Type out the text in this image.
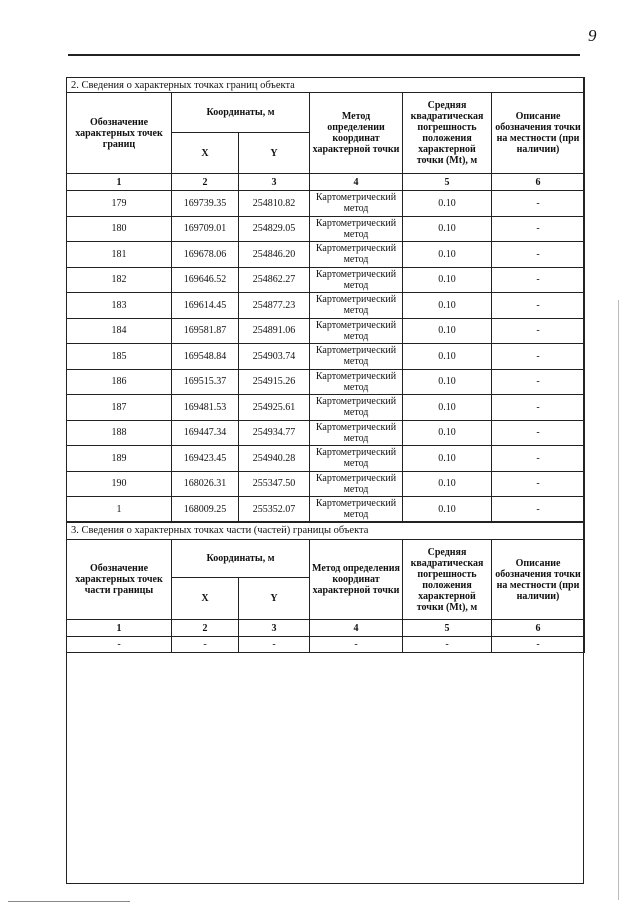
9
2. Сведения о характерных точках границ объекта					
Обозначение характерных точек границ	Координаты, м		Метод определении координат характерной точки	Средняя квадратическая погрешность положения характерной точки (Mt), м	Описание обозначения точки на местности (при наличии)
	X	Y			
1	2	3	4	5	6
179	169739.35	254810.82	Картометрический метод	0.10	-
180	169709.01	254829.05	Картометрический метод	0.10	-
181	169678.06	254846.20	Картометрический метод	0.10	-
182	169646.52	254862.27	Картометрический метод	0.10	-
183	169614.45	254877.23	Картометрический метод	0.10	-
184	169581.87	254891.06	Картометрический метод	0.10	-
185	169548.84	254903.74	Картометрический метод	0.10	-
186	169515.37	254915.26	Картометрический метод	0.10	-
187	169481.53	254925.61	Картометрический метод	0.10	-
188	169447.34	254934.77	Картометрический метод	0.10	-
189	169423.45	254940.28	Картометрический метод	0.10	-
190	168026.31	255347.50	Картометрический метод	0.10	-
1	168009.25	255352.07	Картометрический метод	0.10	-
3. Сведения о характерных точках части (частей) границы объекта					
Обозначение характерных точек части границы	Координаты, м		Метод определения координат характерной точки	Средняя квадратическая погрешность положения характерной точки (Mt), м	Описание обозначения точки на местности (при наличии)
	X	Y			
1	2	3	4	5	6
-	-	-	-	-	-
